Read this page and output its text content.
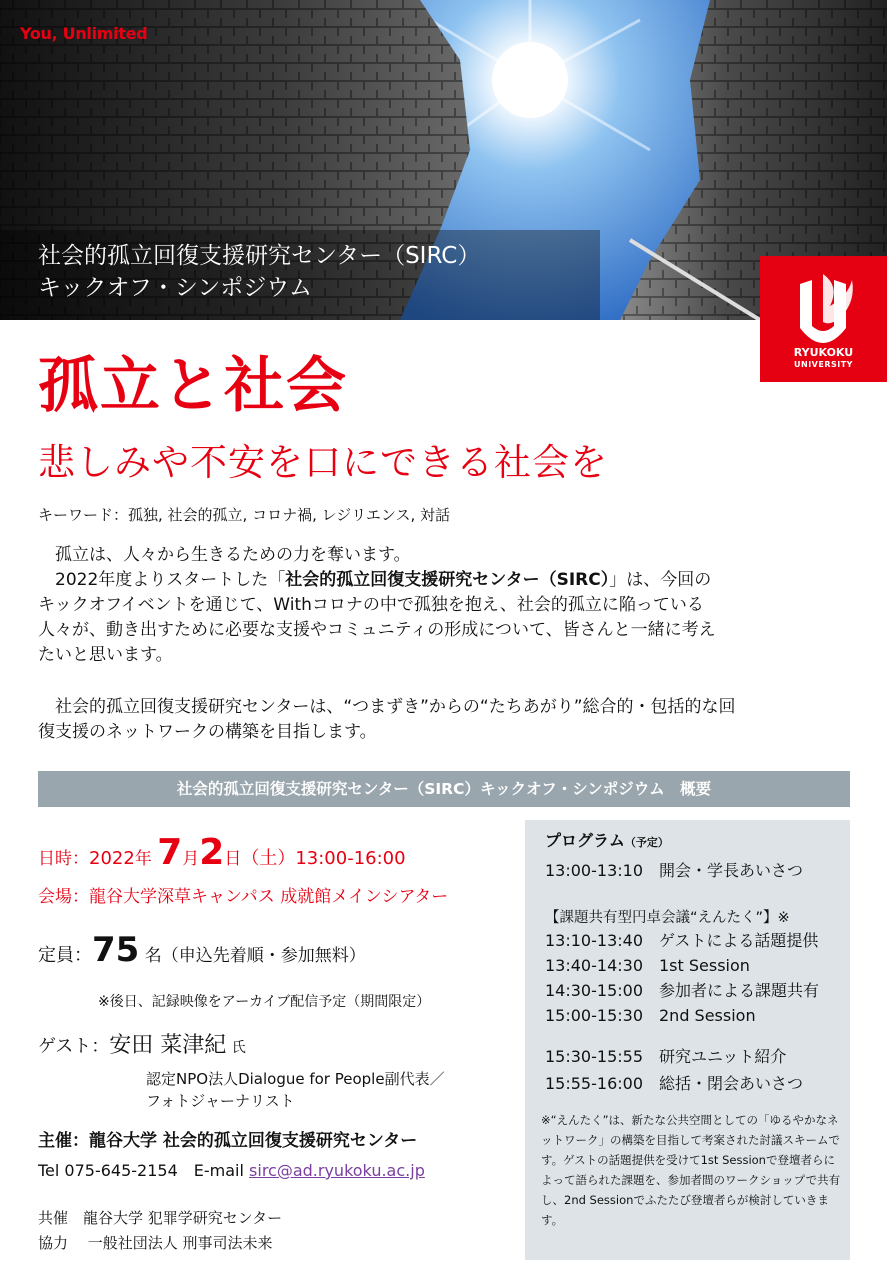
You, Unlimited
社会的孤立回復支援研究センター（SIRC）
キックオフ・シンポジウム
RYUKOKU
UNIVERSITY
孤立と社会
悲しみや不安を口にできる社会を
キーワード：孤独, 社会的孤立, コロナ禍, レジリエンス, 対話

孤立は、人々から生きるための力を奪います。

2022年度よりスタートした「社会的孤立回復支援研究センター（SIRC）」は、今回の

キックオフイベントを通じて、Withコロナの中で孤独を抱え、社会的孤立に陥っている

人々が、動き出すために必要な支援やコミュニティの形成について、皆さんと一緒に考え

たいと思います。

社会的孤立回復支援研究センターは、“つまずき”からの“たちあがり”総合的・包括的な回

復支援のネットワークの構築を目指します。

社会的孤立回復支援研究センター（SIRC）キックオフ・シンポジウム　概要
日時：2022年 7月2日（土）13:00-16:00
会場：龍谷大学深草キャンパス 成就館メインシアター
定員：75 名（申込先着順・参加無料）
※後日、記録映像をアーカイブ配信予定（期間限定）
ゲスト：安田 菜津紀 氏
認定NPO法人Dialogue for People副代表／
フォトジャーナリスト
主催：龍谷大学 社会的孤立回復支援研究センター
Tel 075-645-2154　E-mail sirc@ad.ryukoku.ac.jp
共催　龍谷大学 犯罪学研究センター
協力　 一般社団法人 刑事司法未来
プログラム（予定）
13:00-13:10　開会・学長あいさつ
【課題共有型円卓会議“えんたく”】※
13:10-13:40　ゲストによる話題提供
13:40-14:30　1st Session
14:30-15:00　参加者による課題共有
15:00-15:30　2nd Session
15:30-15:55　研究ユニット紹介
15:55-16:00　総括・閉会あいさつ
※“えんたく”は、新たな公共空間としての「ゆるやかなネットワーク」の構築を目指して考案された討議スキームです。ゲストの話題提供を受けて1st Sessionで登壇者らによって語られた課題を、参加者間のワークショップで共有し、2nd Sessionでふたたび登壇者らが検討していきます。
